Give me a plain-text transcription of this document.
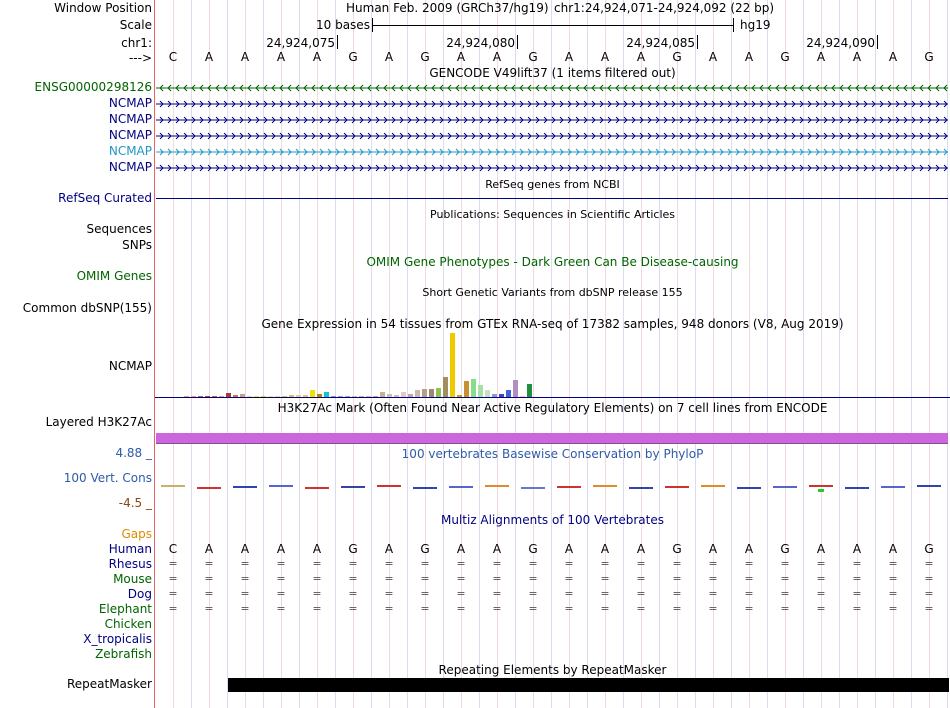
Window Position	Human Feb. 2009 (GRCh37/hg19) chr1:24,924,071-24,924,092 (22 bp)
Scale	10 bases	hg19
chr1:	24,924,075	24,924,080	24,924,085	24,924,090
--->	C	A	A	A	A	G	A	G	A	A	G	A	A	A	G	A	A	G	A	A	A	G
GENCODE V49lift37 (1 items filtered out)
ENSG00000298126
NCMAP
NCMAP
NCMAP
NCMAP
NCMAP
RefSeq genes from NCBI
RefSeq Curated
Publications: Sequences in Scientific Articles
Sequences
SNPs
OMIM Gene Phenotypes - Dark Green Can Be Disease-causing
OMIM Genes
Short Genetic Variants from dbSNP release 155
Common dbSNP(155)
Gene Expression in 54 tissues from GTEx RNA-seq of 17382 samples, 948 donors (V8, Aug 2019)
NCMAP
H3K27Ac Mark (Often Found Near Active Regulatory Elements) on 7 cell lines from ENCODE
Layered H3K27Ac
100 vertebrates Basewise Conservation by PhyloP
4.88 _
100 Vert. Cons
-4.5 _
Multiz Alignments of 100 Vertebrates
Gaps
Human	C	A	A	A	A	G	A	G	A	A	G	A	A	A	G	A	A	G	A	A	A	G
Rhesus	=	=	=	=	=	=	=	=	=	=	=	=	=	=	=	=	=	=	=	=	=	=
Mouse	=	=	=	=	=	=	=	=	=	=	=	=	=	=	=	=	=	=	=	=	=	=
Dog	=	=	=	=	=	=	=	=	=	=	=	=	=	=	=	=	=	=	=	=	=	=
Elephant	=	=	=	=	=	=	=	=	=	=	=	=	=	=	=	=	=	=	=	=	=	=
Chicken
X_tropicalis
Zebrafish
Repeating Elements by RepeatMasker
RepeatMasker
